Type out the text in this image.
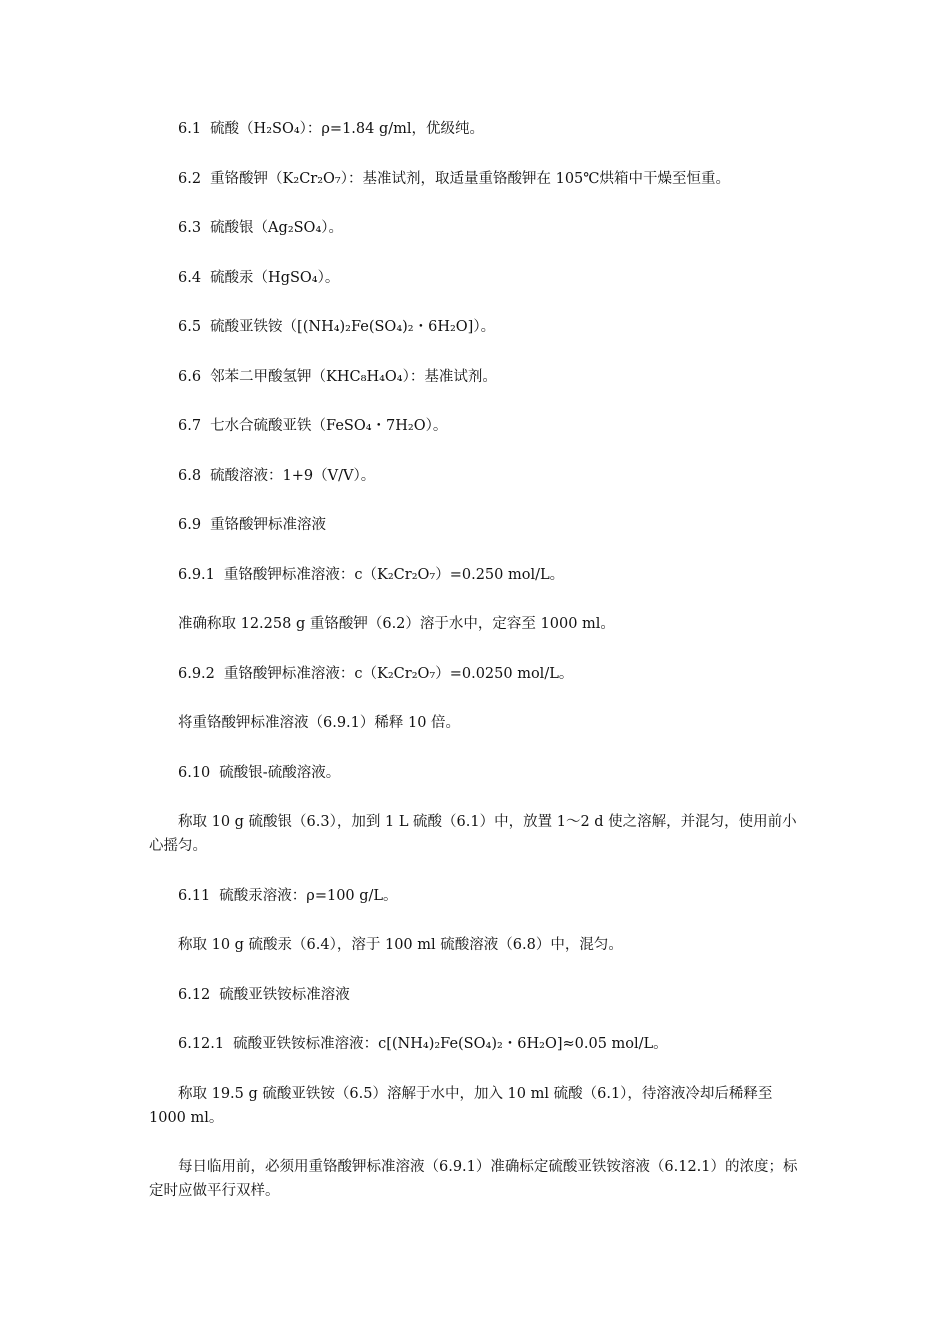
6.1 硫酸（H₂SO₄）：ρ=1.84 g/ml，优级纯。

6.2 重铬酸钾（K₂Cr₂O₇）：基准试剂，取适量重铬酸钾在 105℃烘箱中干燥至恒重。

6.3 硫酸银（Ag₂SO₄）。

6.4 硫酸汞（HgSO₄）。

6.5 硫酸亚铁铵（[(NH₄)₂Fe(SO₄)₂・6H₂O]）。

6.6 邻苯二甲酸氢钾（KHC₈H₄O₄）：基准试剂。

6.7 七水合硫酸亚铁（FeSO₄・7H₂O）。

6.8 硫酸溶液：1+9（V/V）。

6.9 重铬酸钾标准溶液

6.9.1 重铬酸钾标准溶液：c（K₂Cr₂O₇）=0.250 mol/L。

准确称取 12.258 g 重铬酸钾（6.2）溶于水中，定容至 1000 ml。

6.9.2 重铬酸钾标准溶液：c（K₂Cr₂O₇）=0.0250 mol/L。

将重铬酸钾标准溶液（6.9.1）稀释 10 倍。

6.10 硫酸银-硫酸溶液。

称取 10 g 硫酸银（6.3），加到 1 L 硫酸（6.1）中，放置 1～2 d 使之溶解，并混匀，使用前小心摇匀。

6.11 硫酸汞溶液：ρ=100 g/L。

称取 10 g 硫酸汞（6.4），溶于 100 ml 硫酸溶液（6.8）中，混匀。

6.12 硫酸亚铁铵标准溶液

6.12.1 硫酸亚铁铵标准溶液：c[(NH₄)₂Fe(SO₄)₂・6H₂O]≈0.05 mol/L。

称取 19.5 g 硫酸亚铁铵（6.5）溶解于水中，加入 10 ml 硫酸（6.1），待溶液冷却后稀释至 1000 ml。

每日临用前，必须用重铬酸钾标准溶液（6.9.1）准确标定硫酸亚铁铵溶液（6.12.1）的浓度；标定时应做平行双样。
